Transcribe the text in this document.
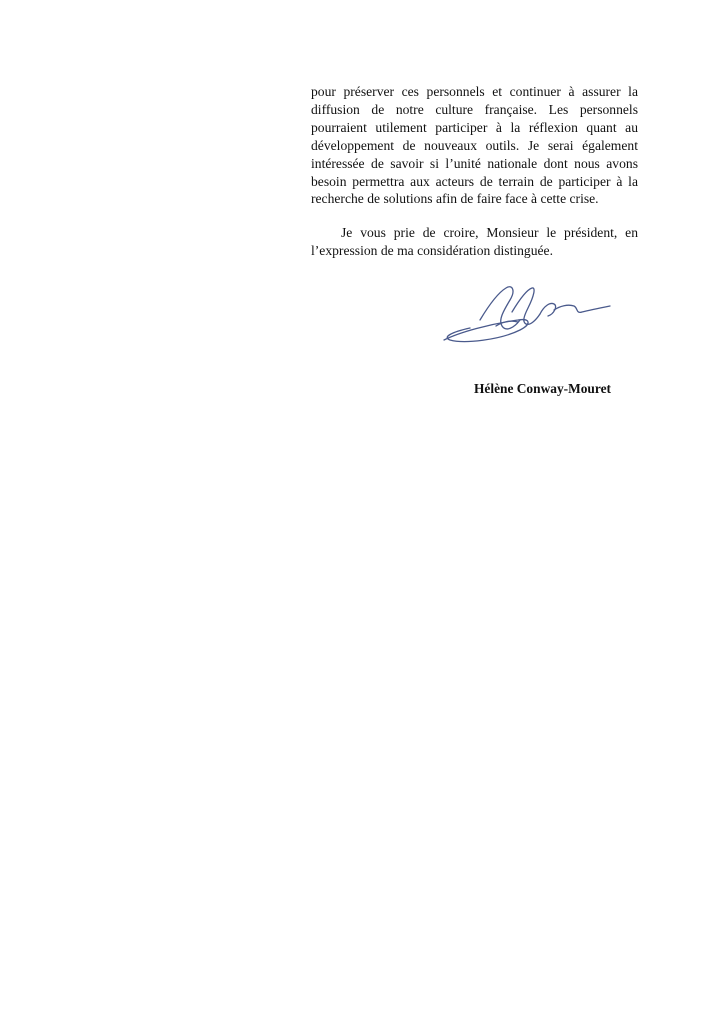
pour préserver ces personnels et continuer à assurer la
diffusion de notre culture française. Les personnels
pourraient utilement participer à la réflexion quant au
développement de nouveaux outils. Je serai également
intéressée de savoir si l’unité nationale dont nous avons
besoin permettra aux acteurs de terrain de participer à la
recherche de solutions afin de faire face à cette crise.

Je vous prie de croire, Monsieur le président, en
l’expression de ma considération distinguée.

Hélène Conway-Mouret
